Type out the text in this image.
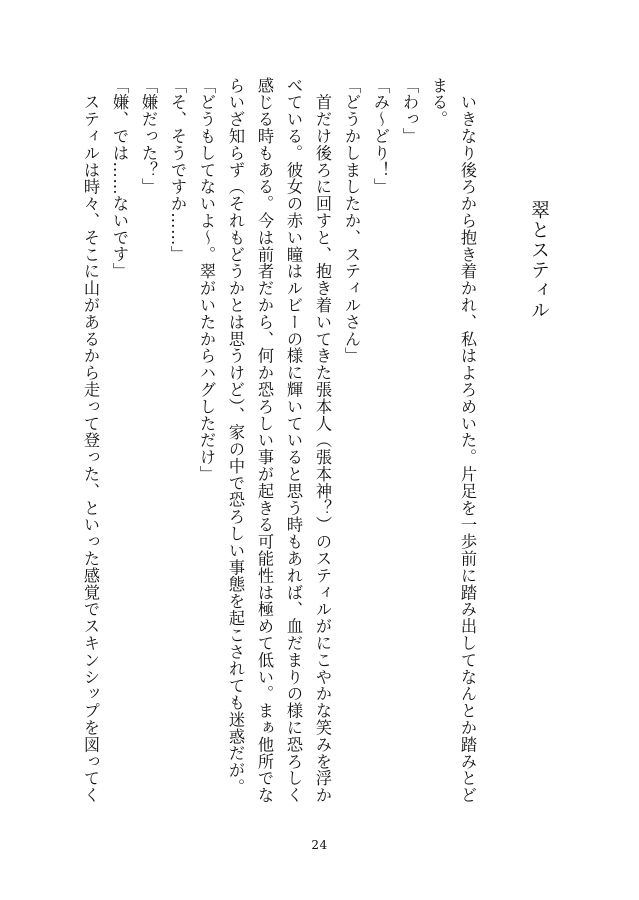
翠とスティル
　いきなり後ろから抱き着かれ、私はよろめいた。片足を一歩前に踏み出してなんとか踏みとど
まる。
「わっ」
「み〜どり！」
「どうかしましたか、スティルさん」
　首だけ後ろに回すと、抱き着いてきた張本人（張本神？）のスティルがにこやかな笑みを浮か
べている。彼女の赤い瞳はルビーの様に輝いていると思う時もあれば、血だまりの様に恐ろしく
感じる時もある。今は前者だから、何か恐ろしい事が起きる可能性は極めて低い。まぁ他所でな
らいざ知らず（それもどうかとは思うけど）、家の中で恐ろしい事態を起こされても迷惑だが。
「どうもしてないよ〜。翠がいたからハグしただけ」
「そ、そうですか……」
「嫌だった？」
「嫌、では……ないです」
　スティルは時々、そこに山があるから走って登った、といった感覚でスキンシップを図ってく
24
